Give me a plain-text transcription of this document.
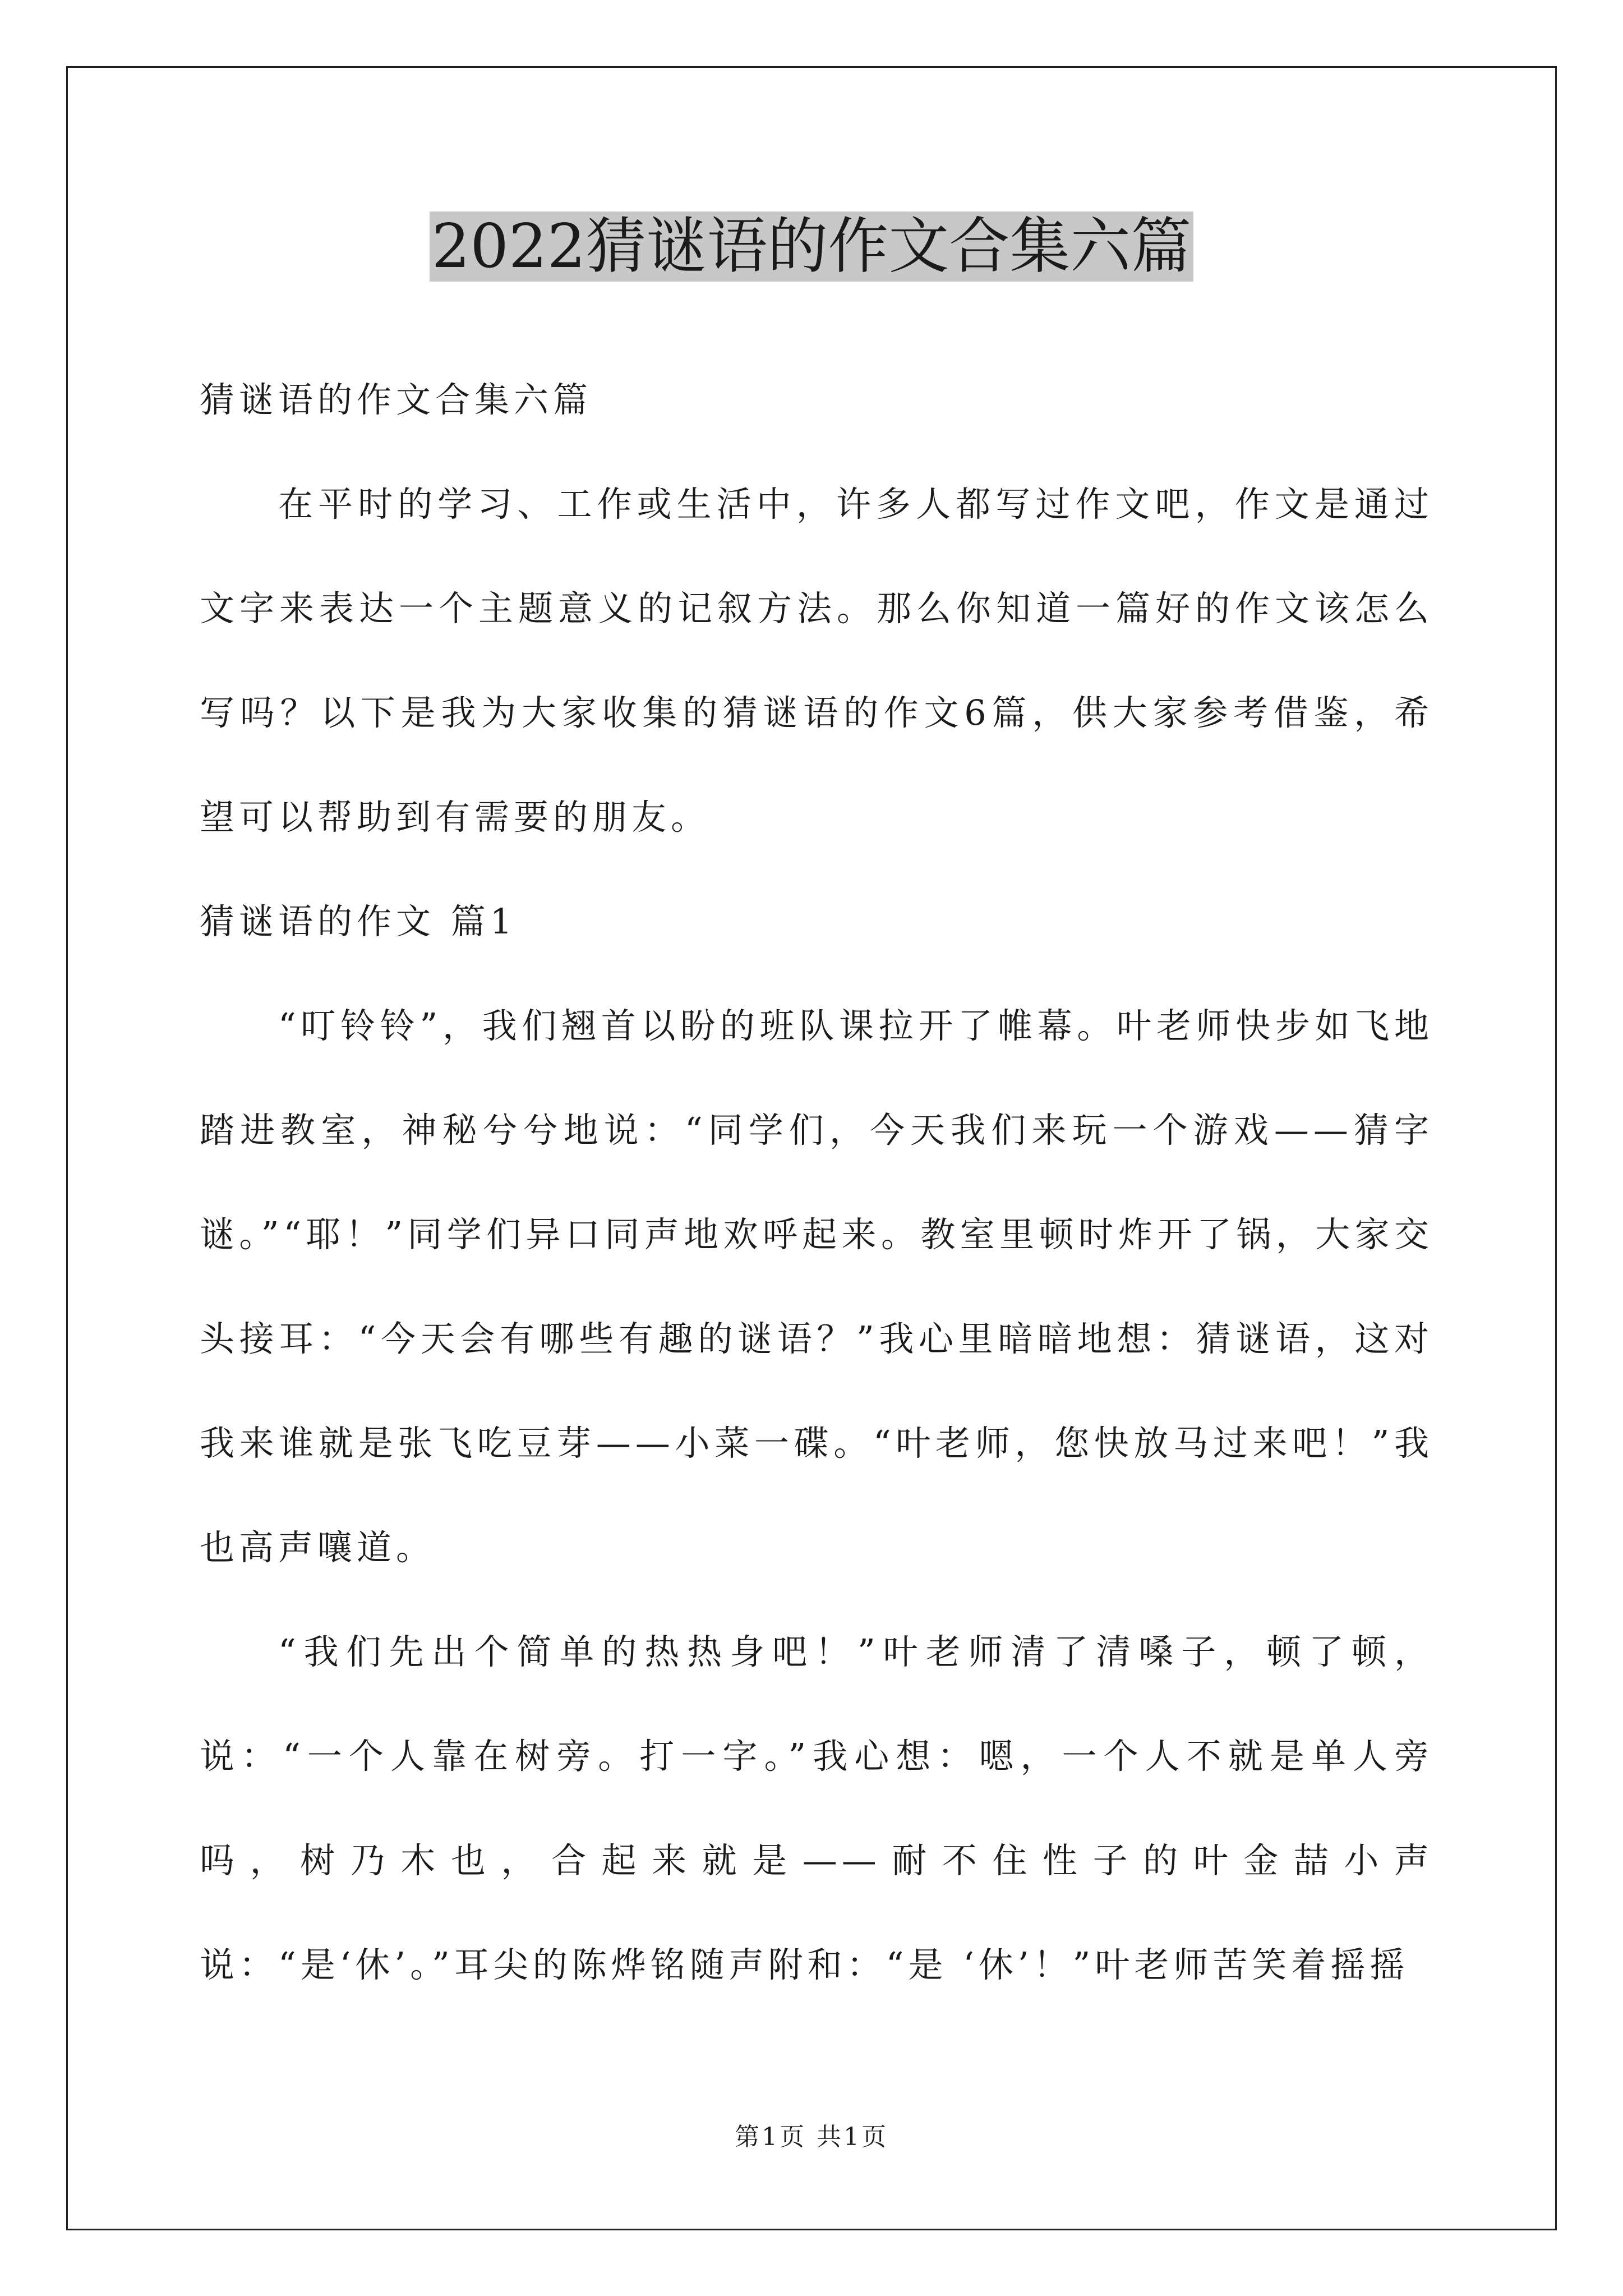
2022猜谜语的作文合集六篇

猜谜语的作文合集六篇

在平时的学习、工作或生活中，许多人都写过作文吧，作文是通过文字来表达一个主题意义的记叙方法。那么你知道一篇好的作文该怎么写吗？以下是我为大家收集的猜谜语的作文6篇，供大家参考借鉴，希望可以帮助到有需要的朋友。

猜谜语的作文 篇1

“叮铃铃”，我们翘首以盼的班队课拉开了帷幕。叶老师快步如飞地踏进教室，神秘兮兮地说：“同学们，今天我们来玩一个游戏——猜字谜。”“耶！”同学们异口同声地欢呼起来。教室里顿时炸开了锅，大家交头接耳：“今天会有哪些有趣的谜语？”我心里暗暗地想：猜谜语，这对我来谁就是张飞吃豆芽——小菜一碟。“叶老师，您快放马过来吧！”我也高声嚷道。

“我们先出个简单的热热身吧！”叶老师清了清嗓子，顿了顿，说：“一个人靠在树旁。打一字。”我心想：嗯，一个人不就是单人旁吗，树乃木也，合起来就是——耐不住性子的叶金喆小声说：“是‘休’。”耳尖的陈烨铭随声附和：“是 ‘休’！”叶老师苦笑着摇摇

第1页 共1页
